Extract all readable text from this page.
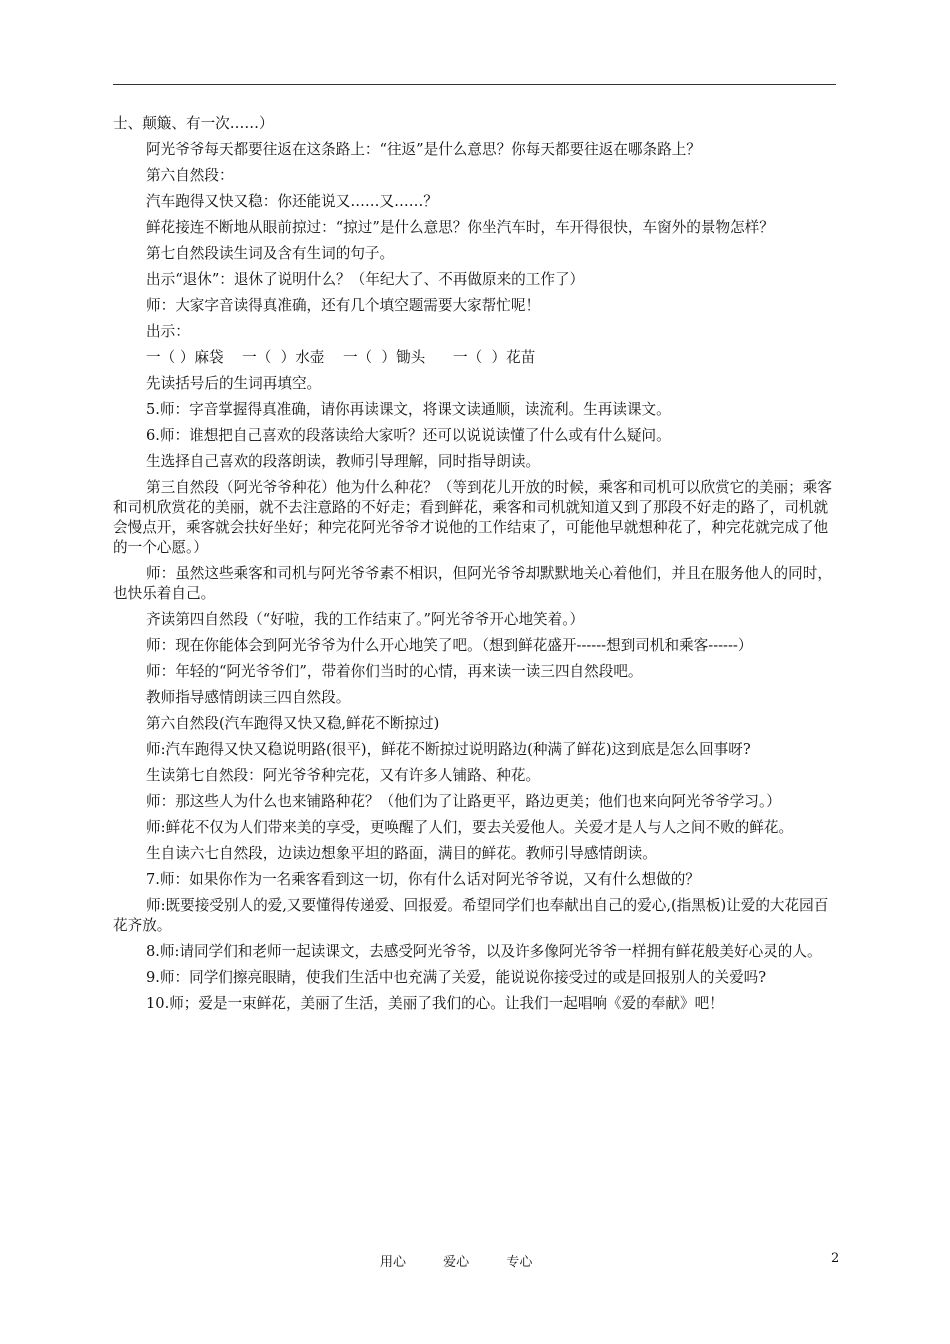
士、颠簸、有一次……）

阿光爷爷每天都要往返在这条路上：“往返”是什么意思？你每天都要往返在哪条路上？

第六自然段：

汽车跑得又快又稳：你还能说又……又……？

鲜花接连不断地从眼前掠过：“掠过”是什么意思？你坐汽车时，车开得很快，车窗外的景物怎样？

第七自然段读生词及含有生词的句子。

出示“退休”：退休了说明什么？（年纪大了、不再做原来的工作了）

师：大家字音读得真准确，还有几个填空题需要大家帮忙呢！

出示：

一（ ）麻袋    一（  ）水壶    一（  ）锄头      一（  ）花苗

先读括号后的生词再填空。

5.师：字音掌握得真准确，请你再读课文，将课文读通顺，读流利。生再读课文。

6.师：谁想把自己喜欢的段落读给大家听？还可以说说读懂了什么或有什么疑问。

生选择自己喜欢的段落朗读，教师引导理解，同时指导朗读。

第三自然段（阿光爷爷种花）他为什么种花？（等到花儿开放的时候，乘客和司机可以欣赏它的美丽；乘客和司机欣赏花的美丽，就不去注意路的不好走；看到鲜花，乘客和司机就知道又到了那段不好走的路了，司机就会慢点开，乘客就会扶好坐好；种完花阿光爷爷才说他的工作结束了，可能他早就想种花了，种完花就完成了他的一个心愿。）

师：虽然这些乘客和司机与阿光爷爷素不相识，但阿光爷爷却默默地关心着他们，并且在服务他人的同时，也快乐着自己。

齐读第四自然段（“好啦，我的工作结束了。”阿光爷爷开心地笑着。）

师：现在你能体会到阿光爷爷为什么开心地笑了吧。（想到鲜花盛开------想到司机和乘客------）

师：年轻的“阿光爷爷们”，带着你们当时的心情，再来读一读三四自然段吧。

教师指导感情朗读三四自然段。

第六自然段(汽车跑得又快又稳,鲜花不断掠过)

师:汽车跑得又快又稳说明路(很平)，鲜花不断掠过说明路边(种满了鲜花)这到底是怎么回事呀?

生读第七自然段：阿光爷爷种完花，又有许多人铺路、种花。

师：那这些人为什么也来铺路种花？（他们为了让路更平，路边更美；他们也来向阿光爷爷学习。）

师:鲜花不仅为人们带来美的享受，更唤醒了人们，要去关爱他人。关爱才是人与人之间不败的鲜花。

生自读六七自然段，边读边想象平坦的路面，满目的鲜花。教师引导感情朗读。

7.师：如果你作为一名乘客看到这一切，你有什么话对阿光爷爷说，又有什么想做的？

师:既要接受别人的爱,又要懂得传递爱、回报爱。希望同学们也奉献出自己的爱心,(指黑板)让爱的大花园百花齐放。

8.师:请同学们和老师一起读课文，去感受阿光爷爷，以及许多像阿光爷爷一样拥有鲜花般美好心灵的人。

9.师：同学们擦亮眼睛，使我们生活中也充满了关爱，能说说你接受过的或是回报别人的关爱吗?

10.师；爱是一束鲜花，美丽了生活，美丽了我们的心。让我们一起唱响《爱的奉献》吧！

用心	爱心	专心	2
